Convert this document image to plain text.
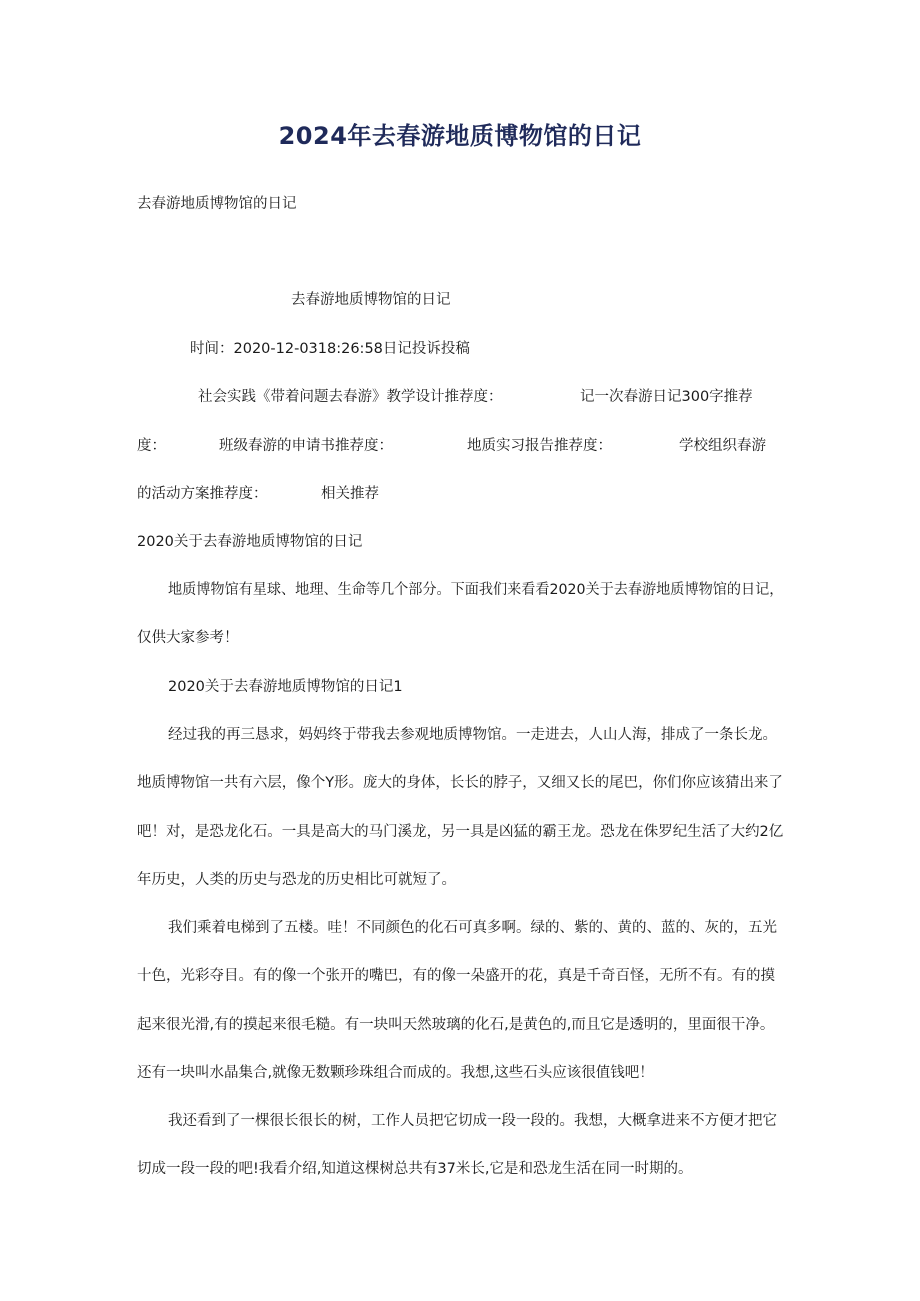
2024年去春游地质博物馆的日记
去春游地质博物馆的日记
去春游地质博物馆的日记
时间：2020-12-0318:26:58日记投诉投稿
社会实践《带着问题去春游》教学设计推荐度：	记一次春游日记300字推荐
度：	班级春游的申请书推荐度：	地质实习报告推荐度：	学校组织春游
的活动方案推荐度：	相关推荐
2020关于去春游地质博物馆的日记
地质博物馆有星球、地理、生命等几个部分。下面我们来看看2020关于去春游地质博物馆的日记，
仅供大家参考！
2020关于去春游地质博物馆的日记1
经过我的再三恳求，妈妈终于带我去参观地质博物馆。一走进去，人山人海，排成了一条长龙。
地质博物馆一共有六层，像个Y形。庞大的身体，长长的脖子，又细又长的尾巴，你们你应该猜出来了
吧！对，是恐龙化石。一具是高大的马门溪龙，另一具是凶猛的霸王龙。恐龙在侏罗纪生活了大约2亿
年历史，人类的历史与恐龙的历史相比可就短了。
我们乘着电梯到了五楼。哇！不同颜色的化石可真多啊。绿的、紫的、黄的、蓝的、灰的，五光
十色，光彩夺目。有的像一个张开的嘴巴，有的像一朵盛开的花，真是千奇百怪，无所不有。有的摸
起来很光滑,有的摸起来很毛糙。有一块叫天然玻璃的化石,是黄色的,而且它是透明的，里面很干净。
还有一块叫水晶集合,就像无数颗珍珠组合而成的。我想,这些石头应该很值钱吧！
我还看到了一棵很长很长的树，工作人员把它切成一段一段的。我想，大概拿进来不方便才把它
切成一段一段的吧!我看介绍,知道这棵树总共有37米长,它是和恐龙生活在同一时期的。
